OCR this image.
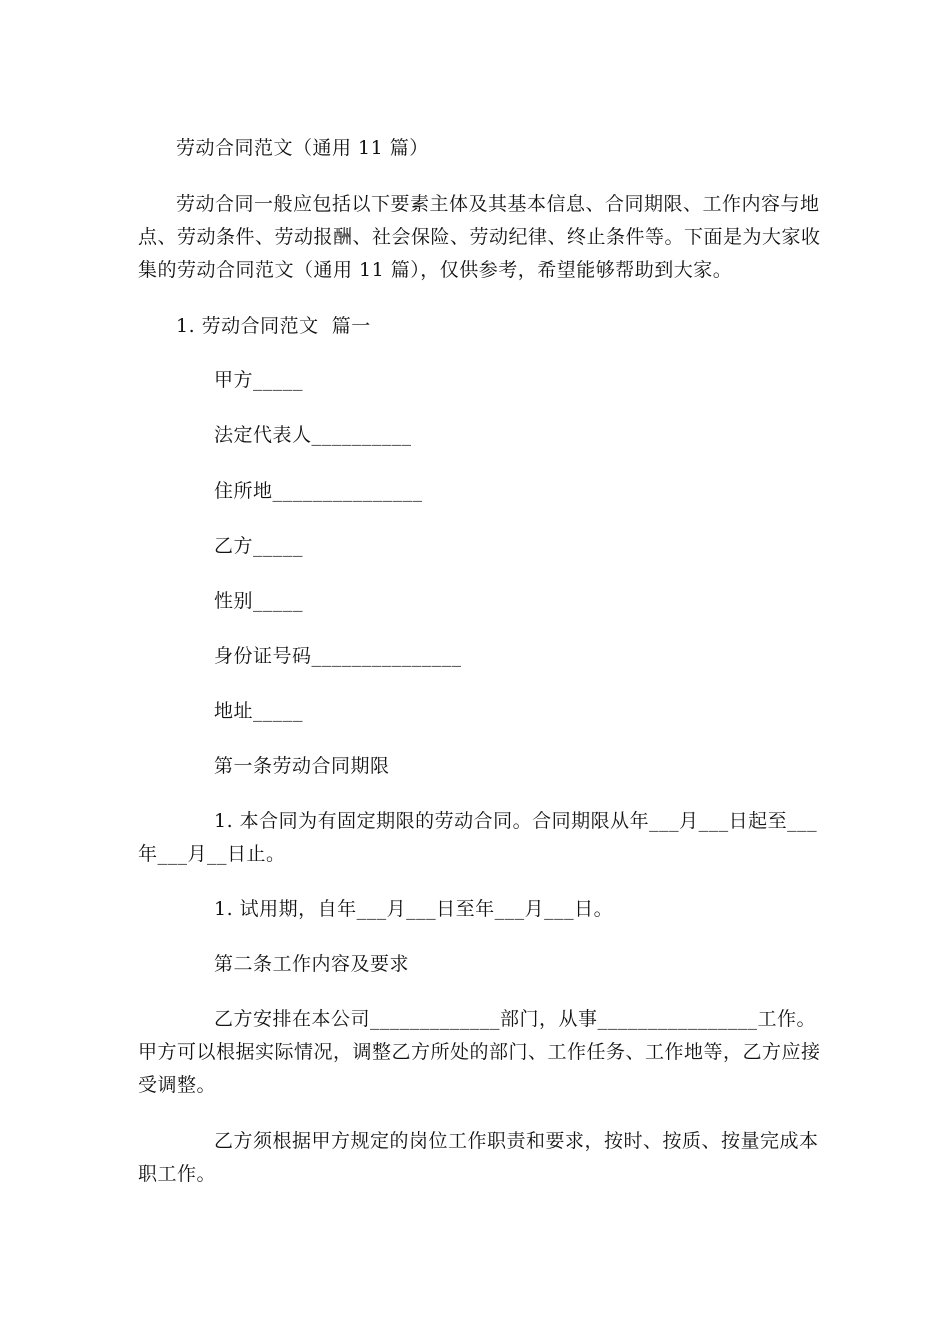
劳动合同范文（通用 11 篇）
劳动合同一般应包括以下要素主体及其基本信息、合同期限、工作内容与地
点、劳动条件、劳动报酬、社会保险、劳动纪律、终止条件等。下面是为大家收
集的劳动合同范文（通用 11 篇），仅供参考，希望能够帮助到大家。
1. 劳动合同范文  篇一
甲方_____
法定代表人__________
住所地_______________
乙方_____
性别_____
身份证号码_______________
地址_____
第一条劳动合同期限
1. 本合同为有固定期限的劳动合同。合同期限从年___月___日起至___
年___月__日止。
1. 试用期，自年___月___日至年___月___日。
第二条工作内容及要求
乙方安排在本公司_____________部门，从事________________工作。
甲方可以根据实际情况，调整乙方所处的部门、工作任务、工作地等，乙方应接
受调整。
乙方须根据甲方规定的岗位工作职责和要求，按时、按质、按量完成本
职工作。
